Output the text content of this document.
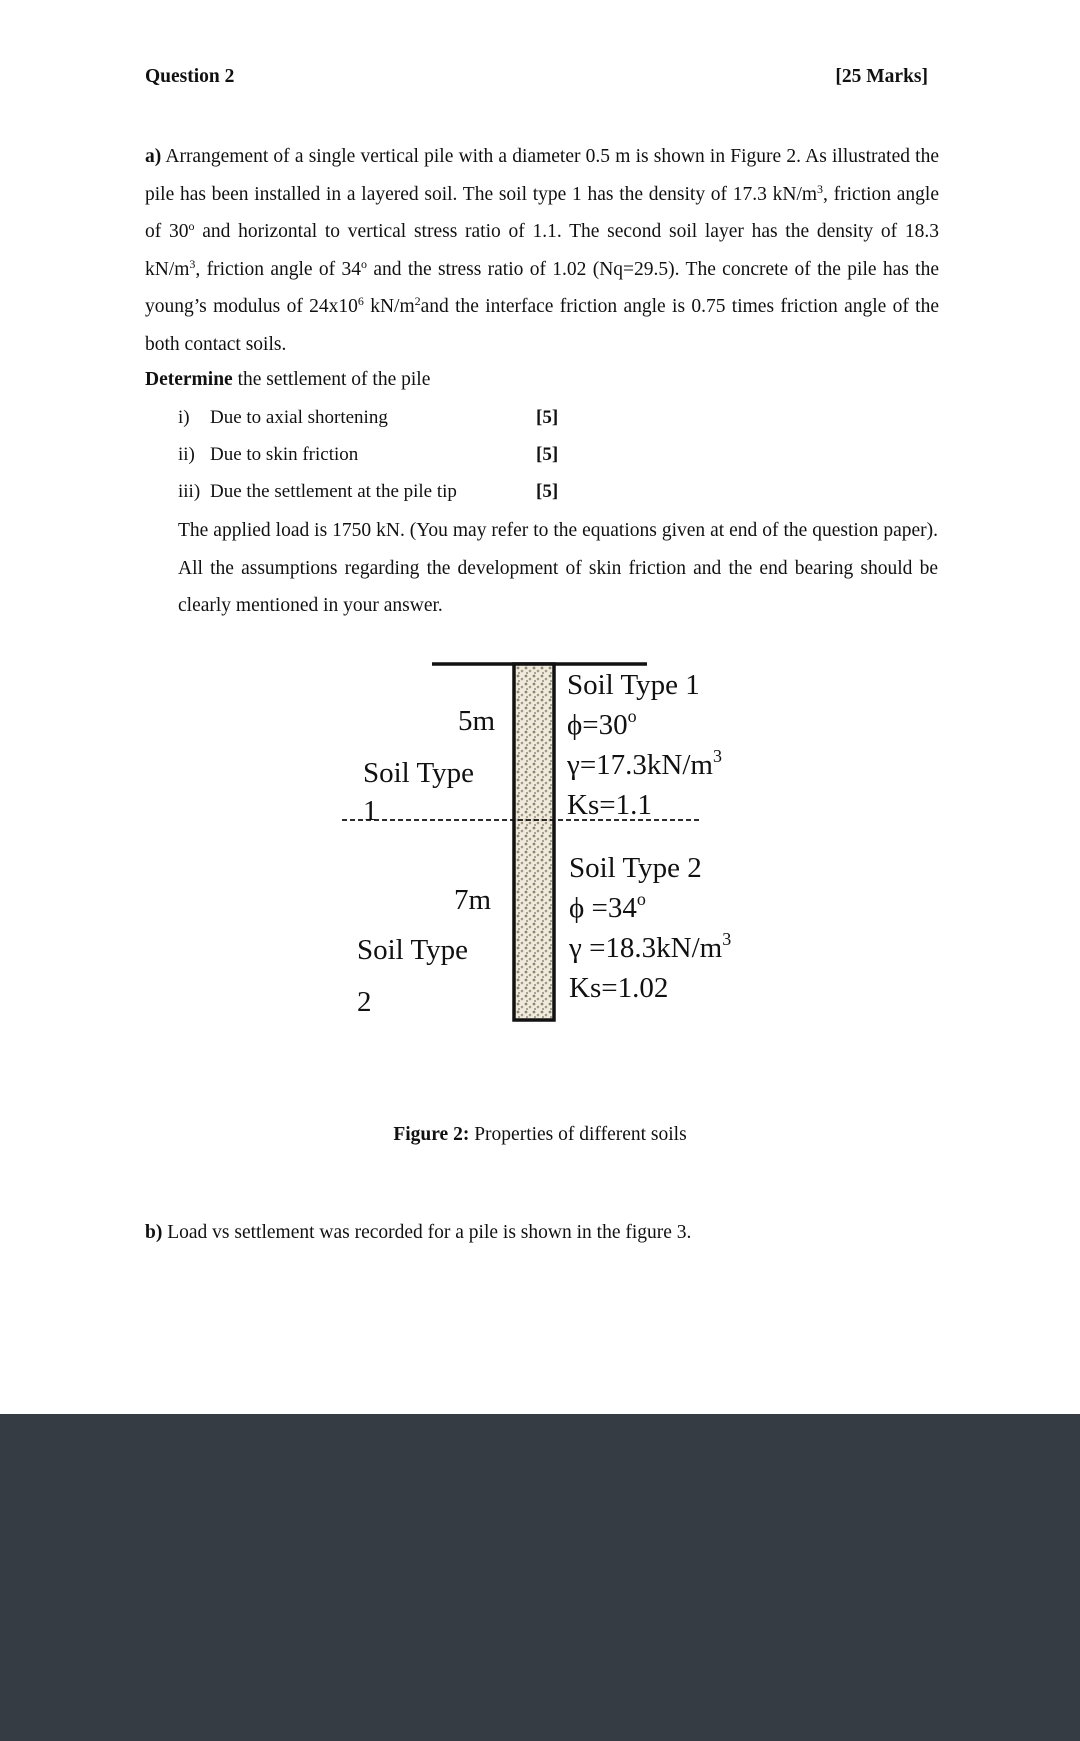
Question 2	[25 Marks]
a) Arrangement of a single vertical pile with a diameter 0.5 m is shown in Figure 2. As illustrated the pile has been installed in a layered soil. The soil type 1 has the density of 17.3 $kN/m^3$, friction angle of 30$^o$ and horizontal to vertical stress ratio of 1.1. The second soil layer has the density of 18.3 $kN/m^3$, friction angle of 34$^o$ and the stress ratio of 1.02 (Nq=29.5). The concrete of the pile has the young’s modulus of $24x10^6$ $kN/m^2and$ the interface friction angle is 0.75 times friction angle of the both contact soils.
Determine the settlement of the pile
i) Due to axial shortening	[5]
ii) Due to skin friction	[5]
iii) Due the settlement at the pile tip	[5]
The applied load is 1750 kN. (You may refer to the equations given at end of the question paper). All the assumptions regarding the development of skin friction and the end bearing should be clearly mentioned in your answer.
5m
Soil Type
1
7m
Soil Type
2
Soil Type 1
$\phi=30^o$
$\gamma=17.3kN/m^3$
Ks=1.1
Soil Type 2
$\phi =34^o$
$\gamma =18.3kN/m^3$
Ks=1.02
Figure 2: Properties of different soils
b) Load vs settlement was recorded for a pile is shown in the figure 3.
